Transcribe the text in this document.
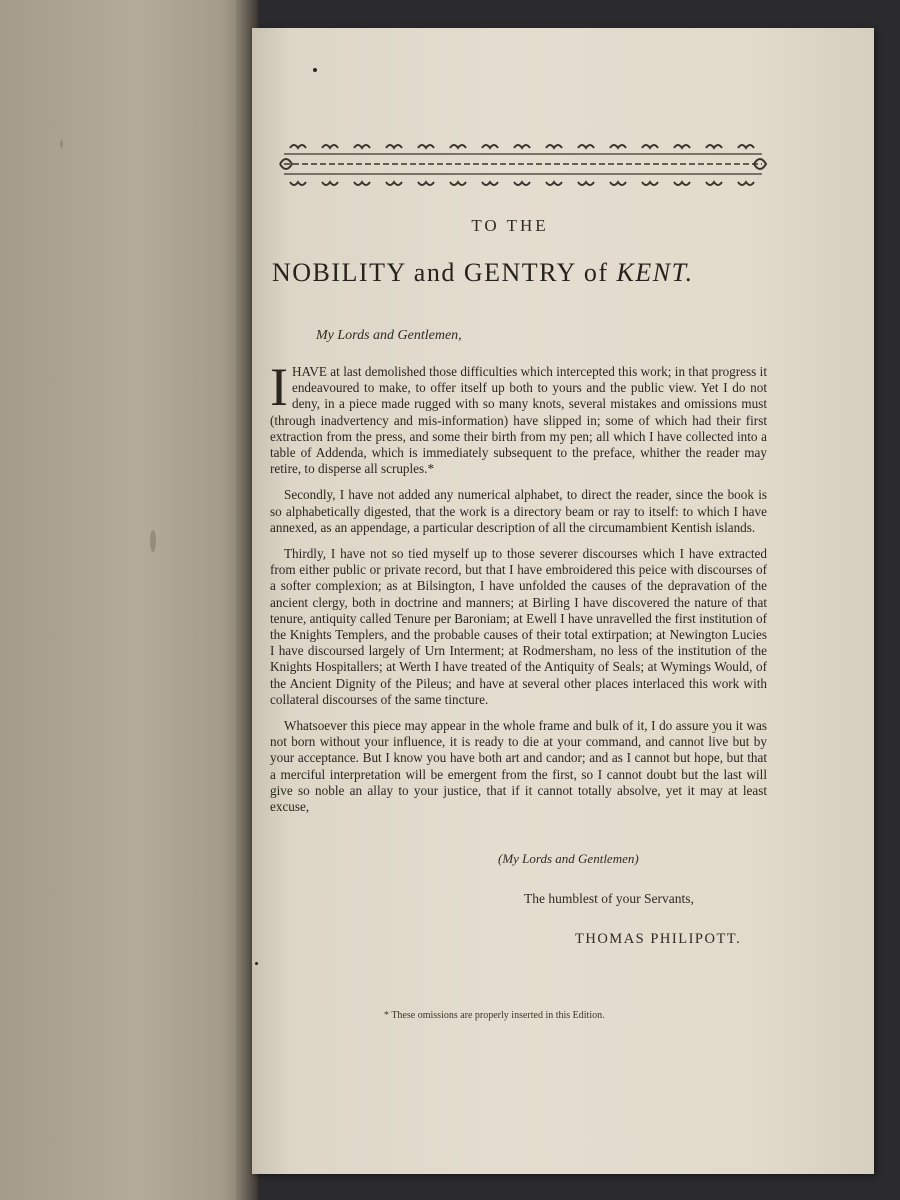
TO THE
NOBILITY and GENTRY of KENT.
My Lords and Gentlemen,

IHAVE at last demolished those difficulties which intercepted this work; in that progress it endeavoured to make, to offer itself up both to yours and the public view. Yet I do not deny, in a piece made rugged with so many knots, several mistakes and omissions must (through inadvertency and mis-information) have slipped in; some of which had their first extraction from the press, and some their birth from my pen; all which I have collected into a table of Addenda, which is immediately subsequent to the preface, whither the reader may retire, to disperse all scruples.*

Secondly, I have not added any numerical alphabet, to direct the reader, since the book is so alphabetically digested, that the work is a directory beam or ray to itself: to which I have annexed, as an appendage, a particular description of all the circumambient Kentish islands.

Thirdly, I have not so tied myself up to those severer discourses which I have extracted from either public or private record, but that I have embroidered this peice with discourses of a softer complexion; as at Bilsington, I have unfolded the causes of the depravation of the ancient clergy, both in doctrine and manners; at Birling I have discovered the nature of that tenure, antiquity called Tenure per Baroniam; at Ewell I have unravelled the first institution of the Knights Templers, and the probable causes of their total extirpation; at Newington Lucies I have discoursed largely of Urn Interment; at Rodmersham, no less of the institution of the Knights Hospitallers; at Werth I have treated of the Antiquity of Seals; at Wymings Would, of the Ancient Dignity of the Pileus; and have at several other places interlaced this work with collateral discourses of the same tincture.

Whatsoever this piece may appear in the whole frame and bulk of it, I do assure you it was not born without your influence, it is ready to die at your command, and cannot live but by your acceptance. But I know you have both art and candor; and as I cannot but hope, but that a merciful interpretation will be emergent from the first, so I cannot doubt but the last will give so noble an allay to your justice, that if it cannot totally absolve, yet it may at least excuse,

(My Lords and Gentlemen)
The humblest of your Servants,
THOMAS PHILIPOTT.
* These omissions are properly inserted in this Edition.
